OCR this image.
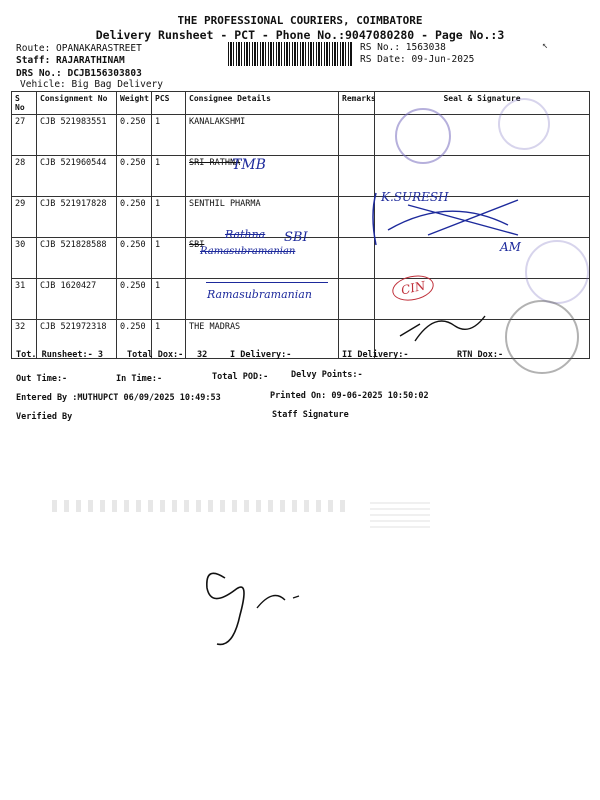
THE PROFESSIONAL COURIERS, COIMBATORE
Delivery Runsheet - PCT - Phone No.:9047080280 - Page No.:3
Route: OPANAKARASTREET
Staff: RAJARATHINAM
DRS No.: DCJB156303803
Vehicle: Big Bag Delivery
RS No.: 1563038
RS Date: 09-Jun-2025
↖
S No	Consignment No	Weight	PCS	Consignee Details	Remarks	Seal & Signature
27	CJB 521983551	0.250	1	KANALAKSHMI		
28	CJB 521960544	0.250	1	SRI RATHNA		
29	CJB 521917828	0.250	1	SENTHIL PHARMA		
30	CJB 521828588	0.250	1	SBI		
31	CJB 1620427	0.250	1			
32	CJB 521972318	0.250	1	THE MADRAS		
TMB
Rathna SBI
Ramasubramanian
Ramasubramanian
K.SURESH
AM
CIN
Tot. Runsheet:- 3	Total Dox:- 32	I Delivery:-	II Delivery:-	RTN Dox:-
Out Time:-	In Time:-	Total POD:-	Delvy Points:-
Entered By :MUTHUPCT 06/09/2025 10:49:53	Printed On: 09-06-2025 10:50:02
Verified By	Staff Signature
